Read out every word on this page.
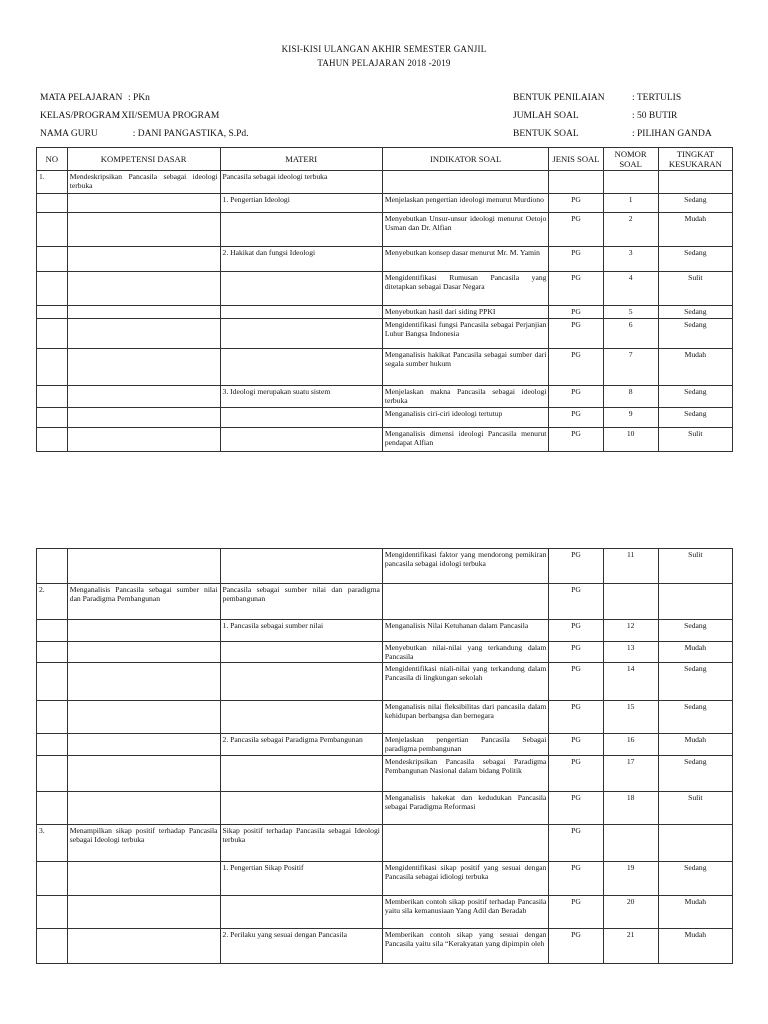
KISI-KISI ULANGAN AKHIR SEMESTER GANJIL
TAHUN PELAJARAN 2018 -2019
MATA PELAJARAN : PKn
KELAS/PROGRAM
: XII/SEMUA PROGRAM
NAMA GURU	: DANI PANGASTIKA, S.Pd.
BENTUK PENILAIAN	: TERTULIS
JUMLAH SOAL	: 50 BUTIR
BENTUK SOAL	: PILIHAN GANDA
NO	KOMPETENSI DASAR	MATERI	INDIKATOR SOAL	JENIS SOAL	NOMOR SOAL	TINGKAT KESUKARAN
1.	Mendeskripsikan Pancasila sebagai ideologi terbuka	Pancasila sebagai ideologi terbuka				
		1. Pengertian Ideologi	Menjelaskan pengertian ideologi menurut Murdiono	PG	1	Sedang
			Menyebutkan Unsur-unsur ideologi menurut Oetojo Usman dan Dr. Alfian	PG	2	Mudah
		2. Hakikat dan fungsi Ideologi	Menyebutkan konsep dasar menurut Mr. M. Yamin	PG	3	Sedang
			Mengidentifikasi Rumusan Pancasila yang ditetapkan sebagai Dasar Negara	PG	4	Sulit
			Menyebutkan hasil dari siding PPKI	PG	5	Sedang
			Mengidentifikasi fungsi Pancasila sebagai Perjanjian Luhur Bangsa Indonesia	PG	6	Sedang
			Menganalisis hakikat Pancasila sebagai sumber dari segala sumber hukum	PG	7	Mudah
		3. Ideologi merupakan suatu sistem	Menjelaskan makna Pancasila sebagai ideologi terbuka	PG	8	Sedang
			Menganalisis ciri-ciri ideologi tertutup	PG	9	Sedang
			Menganalisis dimensi ideologi Pancasila menurut pendapat Alfian	PG	10	Sulit
			Mengidentifikasi faktor yang mendorong pemikiran pancasila sebagai idologi terbuka	PG	11	Sulit
2.	Menganalisis Pancasila sebagai sumber nilai dan Paradigma Pembangunan	Pancasila sebagai sumber nilai dan paradigma pembangunan		PG		
		1. Pancasila sebagai sumber nilai	Menganalisis Nilai Ketuhanan dalam Pancasila	PG	12	Sedang
			Menyebutkan nilai-nilai yang terkandung dalam Pancasila	PG	13	Mudah
			Mengidentifikasi niali-nilai yang terkandung dalam Pancasila di lingkungan sekolah	PG	14	Sedang
			Menganalisis nilai fleksibilitas dari pancasila dalam kehidupan berbangsa dan bernegara	PG	15	Sedang
		2. Pancasila sebagai Paradigma Pembangunan	Menjelaskan pengertian Pancasila Sebagai paradigma pembangunan	PG	16	Mudah
			Mendeskripsikan Pancasila sebagai Paradigma Pembangunan Nasional dalam bidang Politik	PG	17	Sedang
			Menganalisis hakekat dan kedudukan Pancasila sebagai Paradigma Reformasi	PG	18	Sulit
3.	Menampilkan sikap positif terhadap Pancasila sebagai Ideologi terbuka	Sikap positif terhadap Pancasila sebagai Ideologi terbuka		PG		
		1. Pengertian Sikap Positif	Mengidentifikasi sikap positif yang sesuai dengan Pancasila sebagai idiologi terbuka	PG	19	Sedang
			Memberikan contoh sikap positif terhadap Pancasila yaitu sila kemanusiaan Yang Adil dan Beradab	PG	20	Mudah
		2. Perilaku yang sesuai dengan Pancasila	Memberikan contoh sikap yang sesuai dengan Pancasila yaitu sila “Kerakyatan yang dipimpin oleh	PG	21	Mudah
